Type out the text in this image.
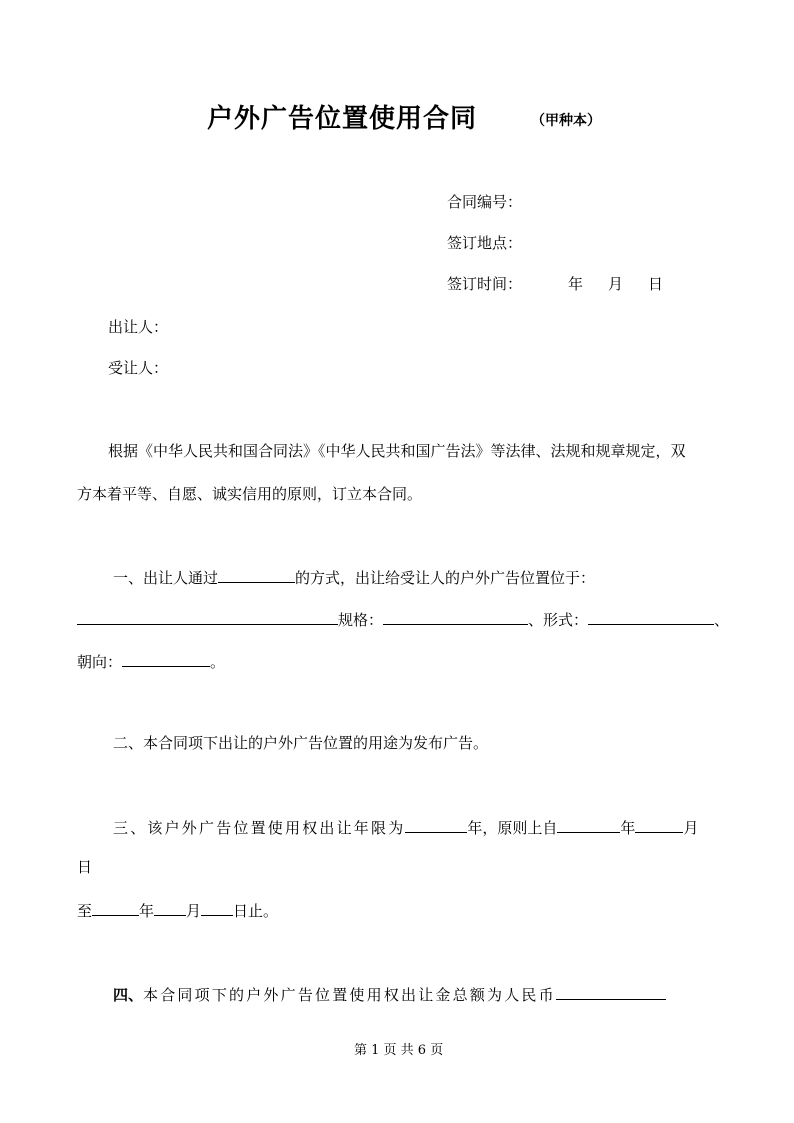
户外广告位置使用合同	（甲种本）
合同编号：
签订地点：
签订时间：	年 月 日
出让人：
受让人：
根据《中华人民共和国合同法》《中华人民共和国广告法》等法律、法规和规章规定，双
方本着平等、自愿、诚实信用的原则，订立本合同。
一、出让人通过	的方式，出让给受让人的户外广告位置位于：
规格：	、形式：	、
朝向：	。
二、本合同项下出让的户外广告位置的用途为发布广告。
三、该户外广告位置使用权出让年限为	年，原则上自	年	月
日
至	年 月 日止。
四、本合同项下的户外广告位置使用权出让金总额为人民币
第 1 页 共 6 页
